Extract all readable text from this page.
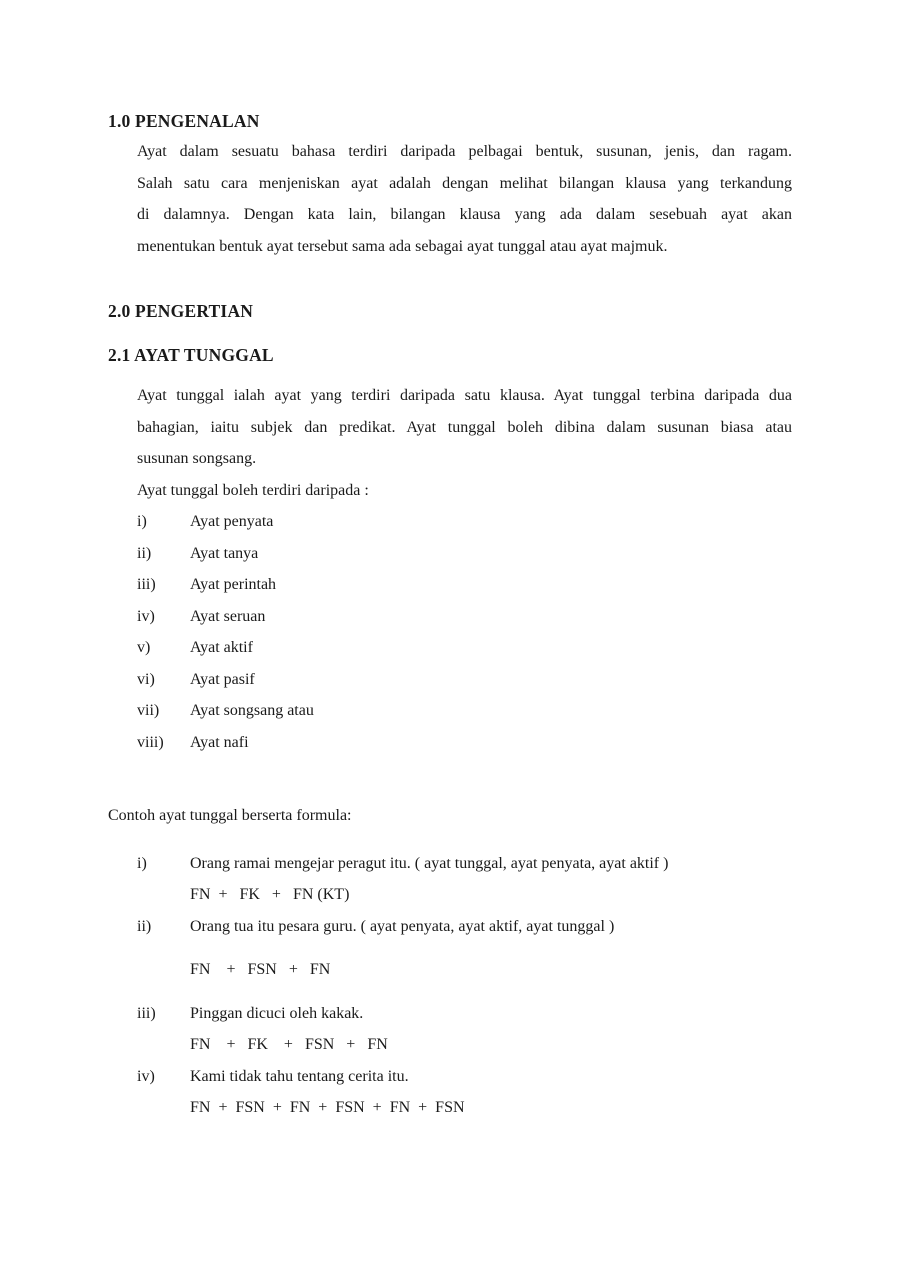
1.0 PENGENALAN
Ayat dalam sesuatu bahasa terdiri daripada pelbagai bentuk, susunan, jenis, dan ragam.
Salah satu cara menjeniskan ayat adalah dengan melihat bilangan klausa yang terkandung
di dalamnya. Dengan kata lain, bilangan klausa yang ada dalam sesebuah ayat akan
menentukan bentuk ayat tersebut sama ada sebagai ayat tunggal atau ayat majmuk.
2.0 PENGERTIAN
2.1 AYAT TUNGGAL
Ayat tunggal ialah ayat yang terdiri daripada satu klausa. Ayat tunggal terbina daripada dua
bahagian, iaitu subjek dan predikat. Ayat tunggal boleh dibina dalam susunan biasa atau
susunan songsang.
Ayat tunggal boleh terdiri daripada :
i)	Ayat penyata
ii)	Ayat tanya
iii)	Ayat perintah
iv)	Ayat seruan
v)	Ayat aktif
vi)	Ayat pasif
vii)	Ayat songsang atau
viii)	Ayat nafi
Contoh ayat tunggal berserta formula:
i)	Orang ramai mengejar peragut itu. ( ayat tunggal, ayat penyata, ayat aktif )
FN  +   FK   +   FN (KT)
ii)	Orang tua itu pesara guru. ( ayat penyata, ayat aktif, ayat tunggal )
FN    +   FSN   +   FN
iii)	Pinggan dicuci oleh kakak.
FN    +   FK    +   FSN   +   FN
iv)	Kami tidak tahu tentang cerita itu.
FN  +  FSN  +  FN  +  FSN  +  FN  +  FSN
